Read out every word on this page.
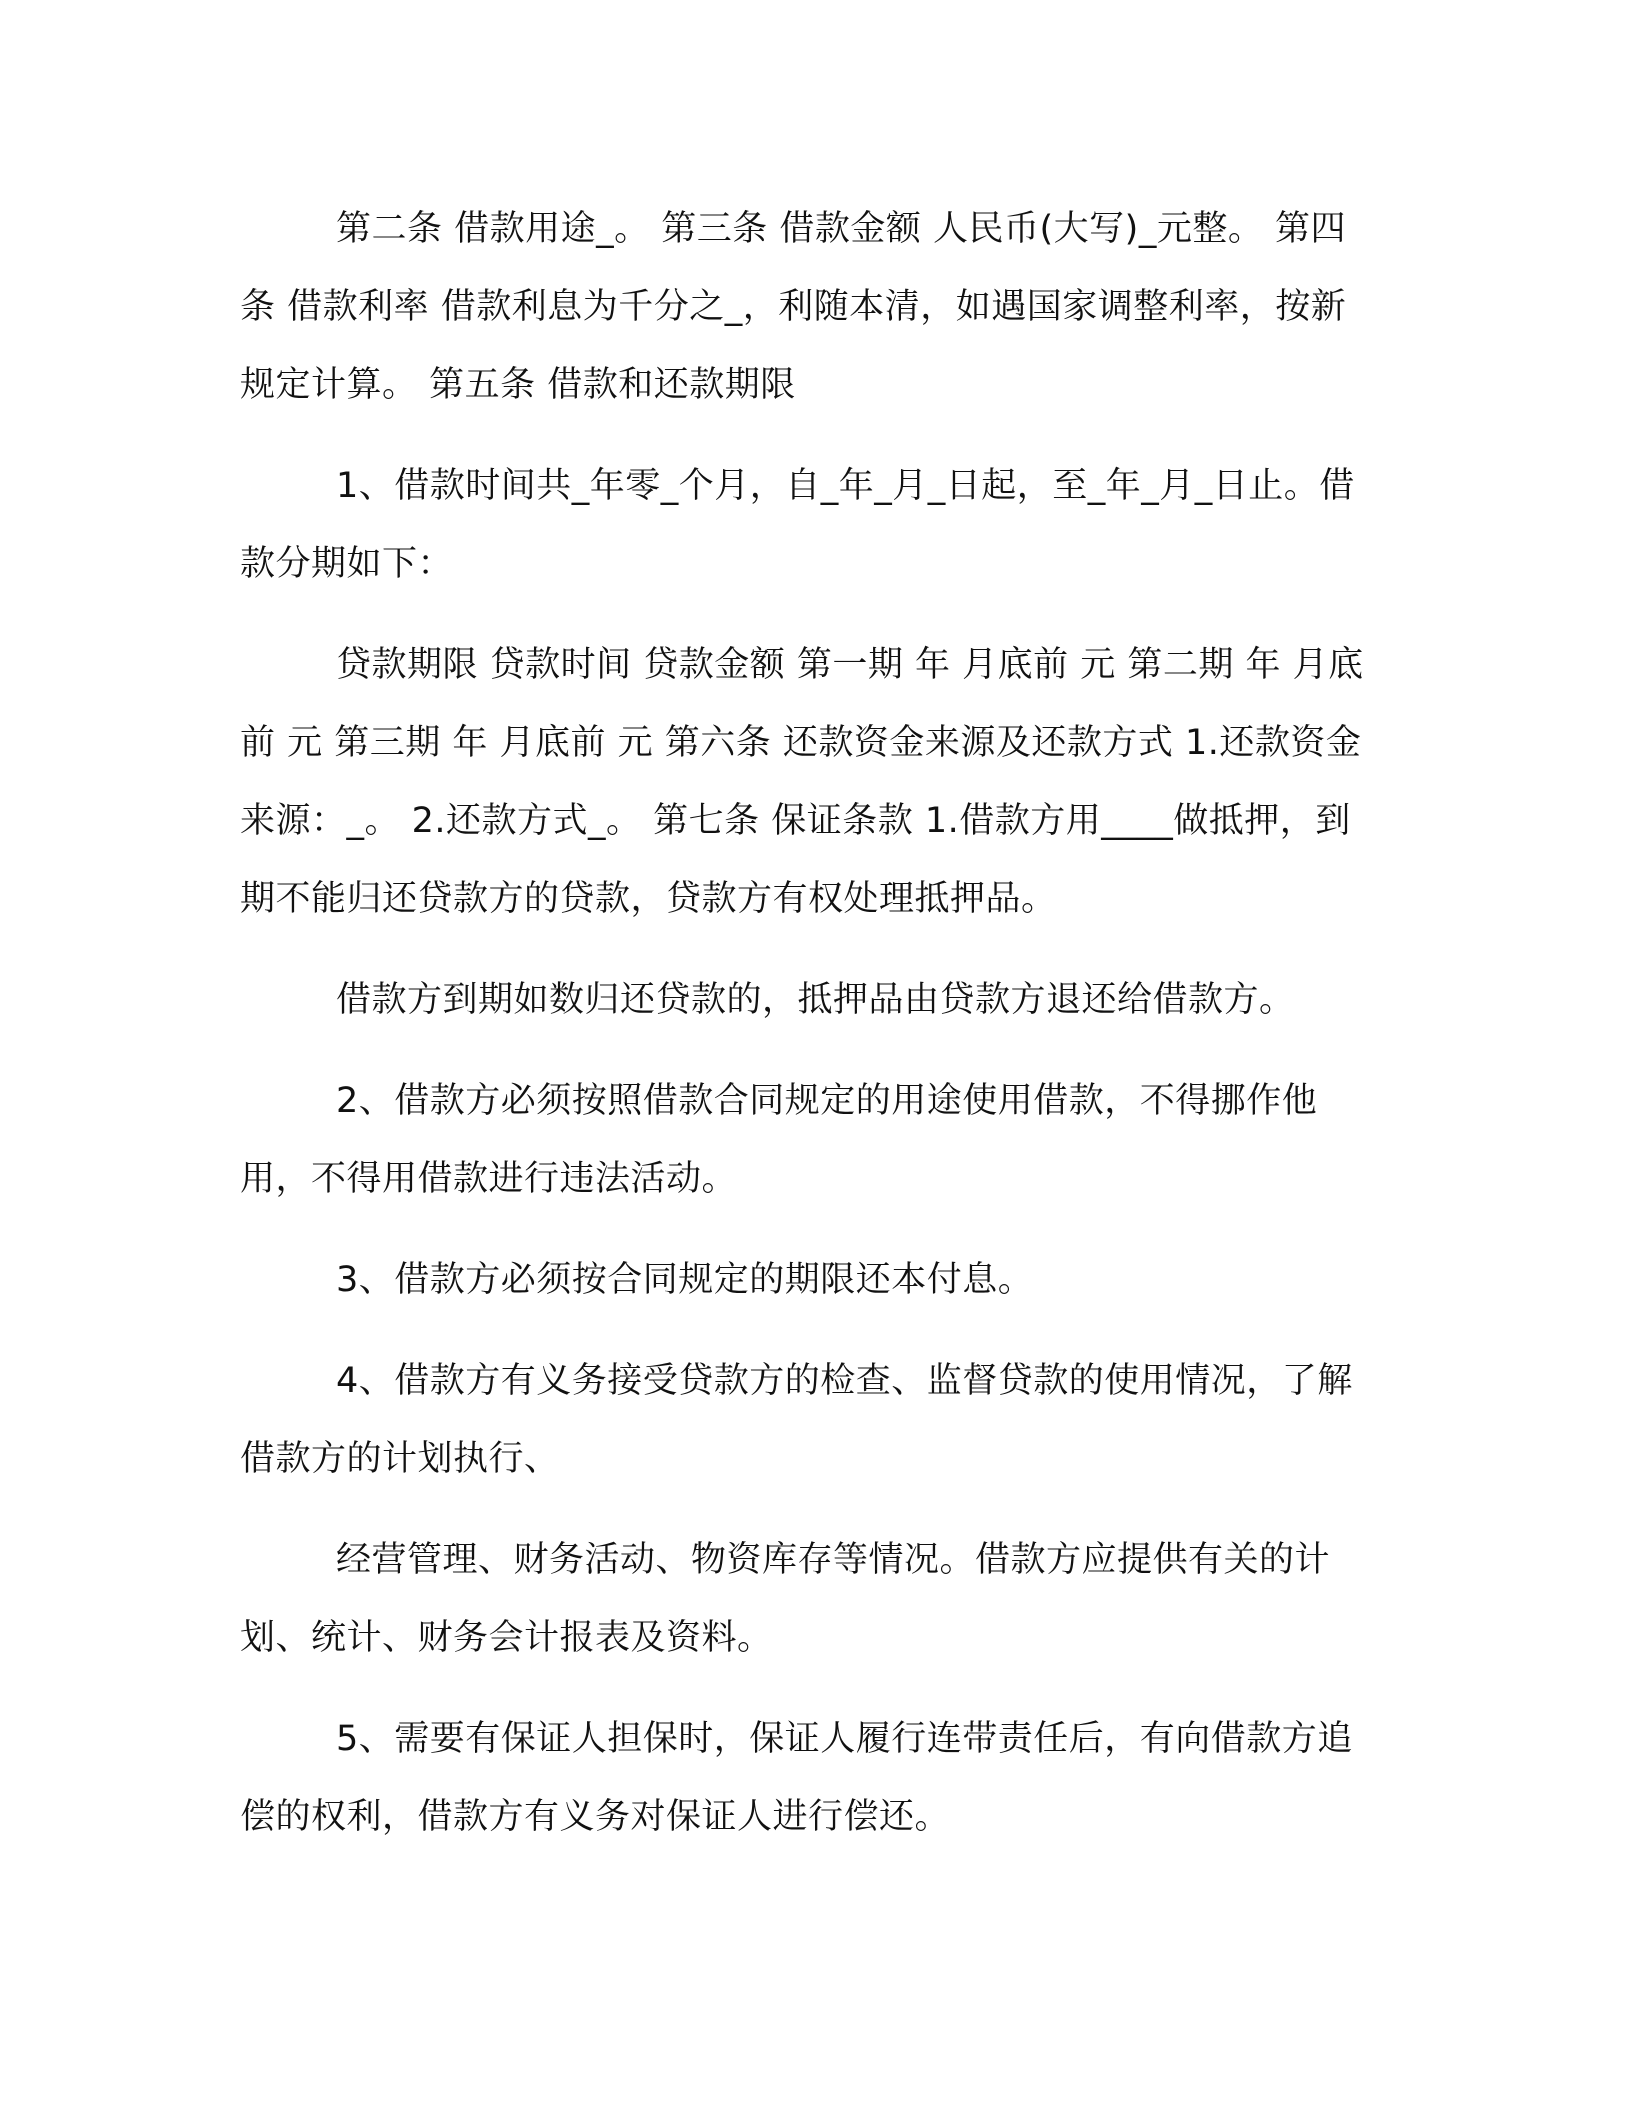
第二条 借款用途_。 第三条 借款金额 人民币(大写)_元整。 第四条 借款利率 借款利息为千分之_，利随本清，如遇国家调整利率，按新规定计算。 第五条 借款和还款期限

1、借款时间共_年零_个月，自_年_月_日起，至_年_月_日止。借款分期如下：

贷款期限 贷款时间 贷款金额 第一期 年 月底前 元 第二期 年 月底前 元 第三期 年 月底前 元 第六条 还款资金来源及还款方式 1.还款资金来源：_。 2.还款方式_。 第七条 保证条款 1.借款方用____做抵押，到期不能归还贷款方的贷款，贷款方有权处理抵押品。

借款方到期如数归还贷款的，抵押品由贷款方退还给借款方。

2、借款方必须按照借款合同规定的用途使用借款，不得挪作他用，不得用借款进行违法活动。

3、借款方必须按合同规定的期限还本付息。

4、借款方有义务接受贷款方的检查、监督贷款的使用情况，了解借款方的计划执行、

经营管理、财务活动、物资库存等情况。借款方应提供有关的计划、统计、财务会计报表及资料。

5、需要有保证人担保时，保证人履行连带责任后，有向借款方追偿的权利，借款方有义务对保证人进行偿还。
